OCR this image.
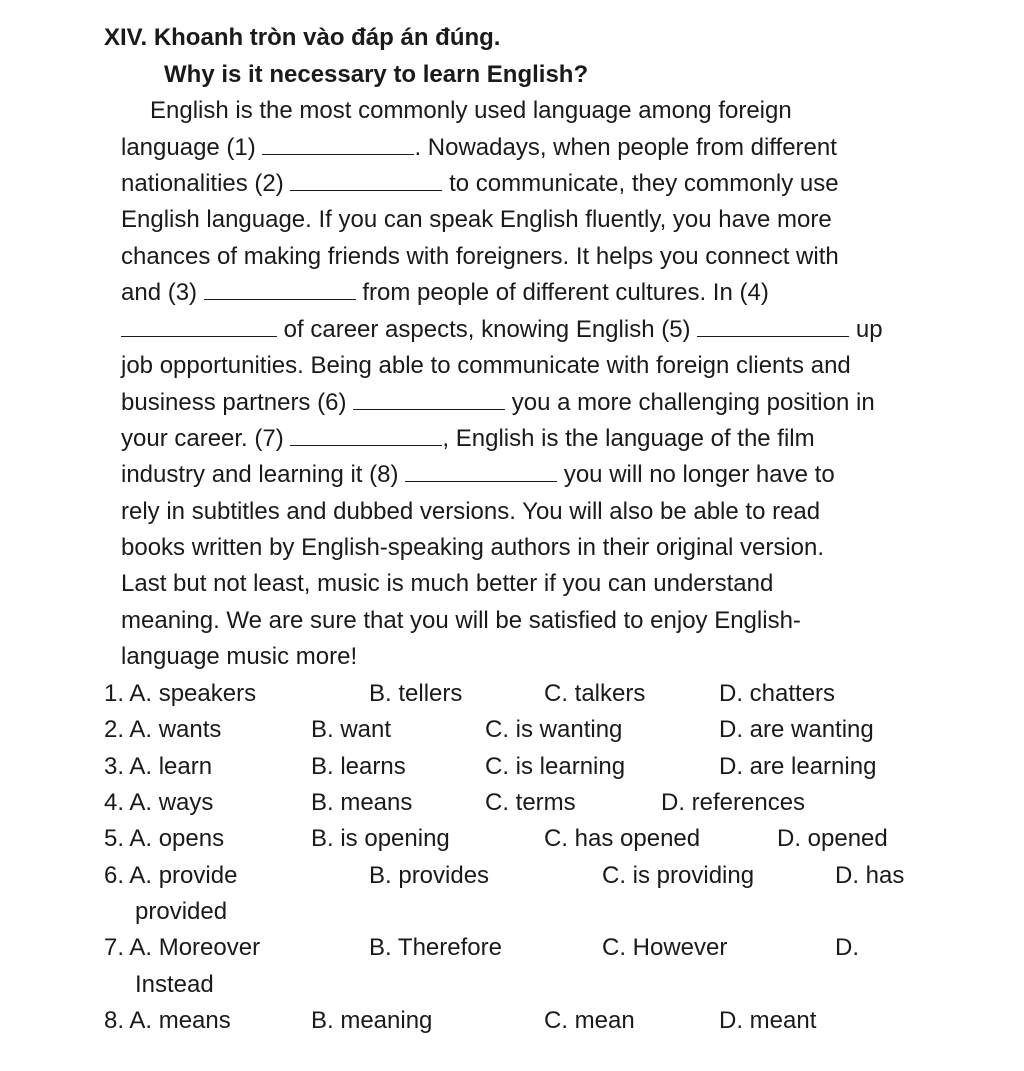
XIV. Khoanh tròn vào đáp án đúng.
Why is it necessary to learn English?
English is the most commonly used language among foreign
language (1)	. Nowadays, when people from different
nationalities (2)	to communicate, they commonly use
English language. If you can speak English fluently, you have more
chances of making friends with foreigners. It helps you connect with
and (3)	from people of different cultures. In (4)
of career aspects, knowing English (5)	up
job opportunities. Being able to communicate with foreign clients and
business partners (6)	you a more challenging position in
your career. (7)	, English is the language of the film
industry and learning it (8)	you will no longer have to
rely in subtitles and dubbed versions. You will also be able to read
books written by English-speaking authors in their original version.
Last but not least, music is much better if you can understand
meaning. We are sure that you will be satisfied to enjoy English-
language music more!
1. A. speakers	B. tellers	C. talkers	D. chatters
2. A. wants	B. want	C. is wanting	D. are wanting
3. A. learn	B. learns	C. is learning	D. are learning
4. A. ways	B. means	C. terms	D. references
5. A. opens	B. is opening	C. has opened	D. opened
6. A. provide	B. provides	C. is providing	D. has
provided
7. A. Moreover	B. Therefore	C. However	D.
Instead
8. A. means	B. meaning	C. mean	D. meant
